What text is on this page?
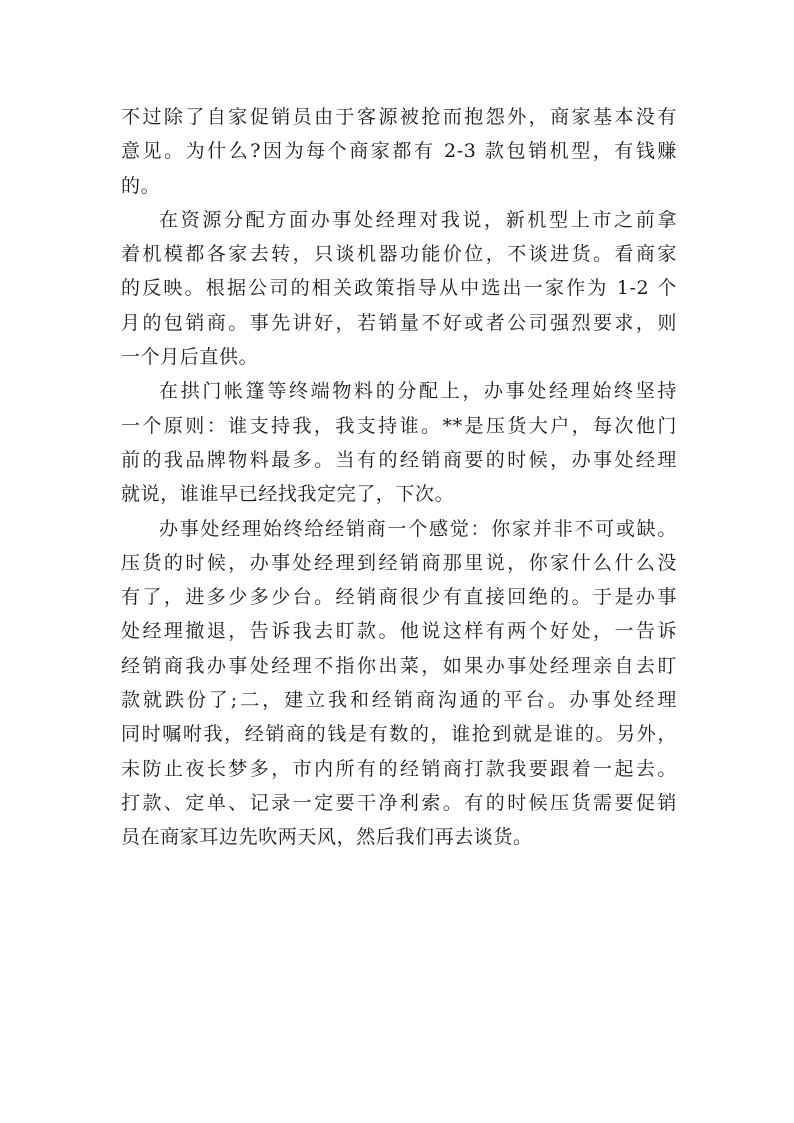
不过除了自家促销员由于客源被抢而抱怨外，商家基本没有
意见。为什么?因为每个商家都有 2-3 款包销机型，有钱赚
的。
在资源分配方面办事处经理对我说，新机型上市之前拿
着机模都各家去转，只谈机器功能价位，不谈进货。看商家
的反映。根据公司的相关政策指导从中选出一家作为 1-2 个
月的包销商。事先讲好，若销量不好或者公司强烈要求，则
一个月后直供。
在拱门帐篷等终端物料的分配上，办事处经理始终坚持
一个原则：谁支持我，我支持谁。**是压货大户，每次他门
前的我品牌物料最多。当有的经销商要的时候，办事处经理
就说，谁谁早已经找我定完了，下次。
办事处经理始终给经销商一个感觉：你家并非不可或缺。
压货的时候，办事处经理到经销商那里说，你家什么什么没
有了，进多少多少台。经销商很少有直接回绝的。于是办事
处经理撤退，告诉我去盯款。他说这样有两个好处，一告诉
经销商我办事处经理不指你出菜，如果办事处经理亲自去盯
款就跌份了;二，建立我和经销商沟通的平台。办事处经理
同时嘱咐我，经销商的钱是有数的，谁抢到就是谁的。另外，
未防止夜长梦多，市内所有的经销商打款我要跟着一起去。
打款、定单、记录一定要干净利索。有的时候压货需要促销
员在商家耳边先吹两天风，然后我们再去谈货。
